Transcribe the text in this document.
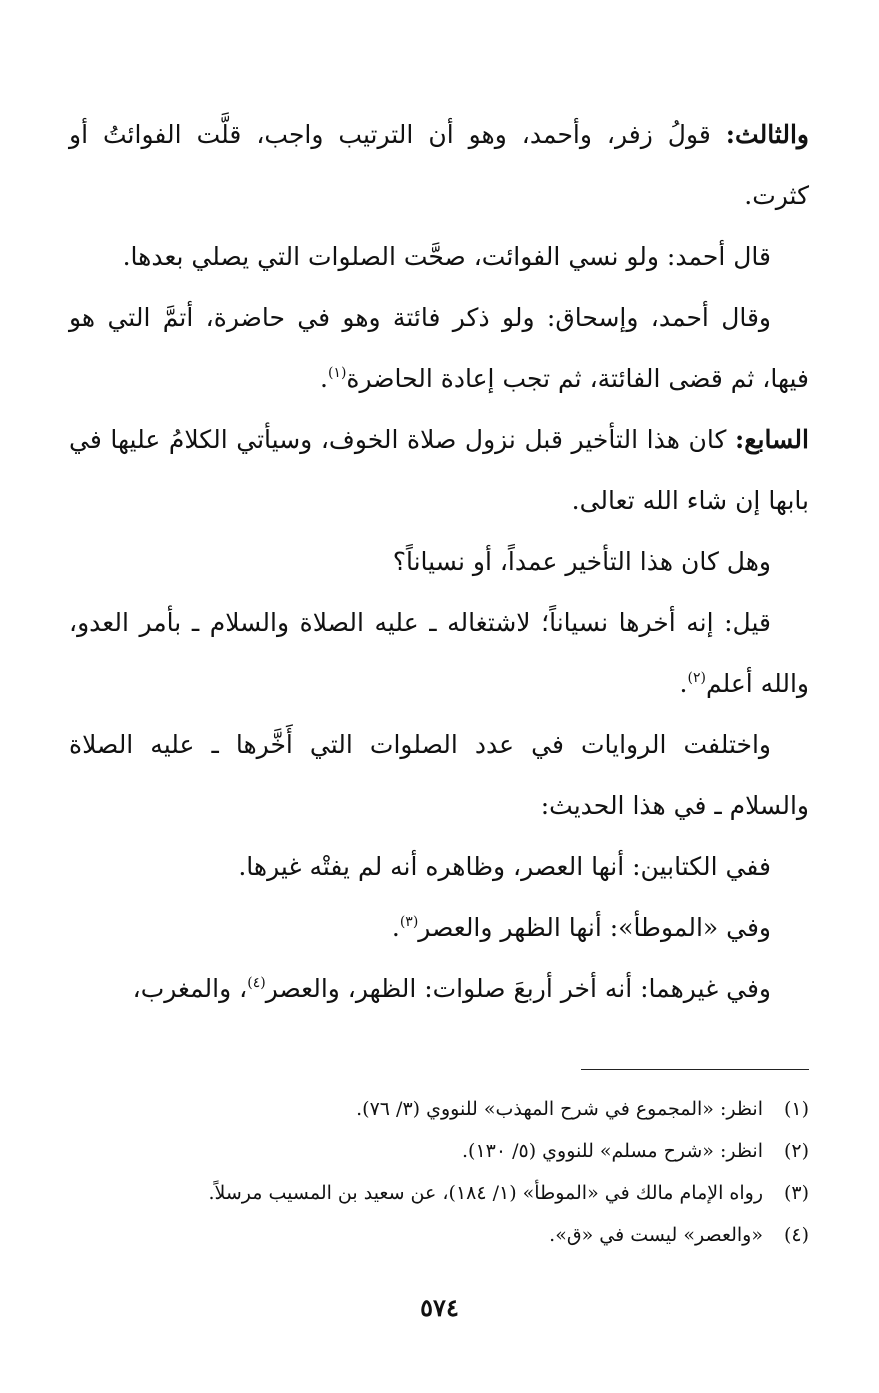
والثالث: قولُ زفر، وأحمد، وهو أن الترتيب واجب، قلَّت الفوائتُ أو كثرت.

قال أحمد: ولو نسي الفوائت، صحَّت الصلوات التي يصلي بعدها.

وقال أحمد، وإسحاق: ولو ذكر فائتة وهو في حاضرة، أتمَّ التي هو فيها، ثم قضى الفائتة، ثم تجب إعادة الحاضرة$^{(١)}$.

السابع: كان هذا التأخير قبل نزول صلاة الخوف، وسيأتي الكلامُ عليها في بابها إن شاء الله تعالى.

وهل كان هذا التأخير عمداً، أو نسياناً؟

قيل: إنه أخرها نسياناً؛ لاشتغاله ـ عليه الصلاة والسلام ـ بأمر العدو، والله أعلم$^{(٢)}$.

واختلفت الروايات في عدد الصلوات التي أَخَّرها ـ عليه الصلاة والسلام ـ في هذا الحديث:

ففي الكتابين: أنها العصر، وظاهره أنه لم يفتْه غيرها.

وفي «الموطأ»: أنها الظهر والعصر$^{(٣)}$.

وفي غيرهما: أنه أخر أربعَ صلوات: الظهر، والعصر$^{(٤)}$، والمغرب،

(١)
انظر: «المجموع في شرح المهذب» للنووي (٣/ ٧٦).
(٢)
انظر: «شرح مسلم» للنووي (٥/ ١٣٠).
(٣)
رواه الإمام مالك في «الموطأ» (١/ ١٨٤)، عن سعيد بن المسيب مرسلاً.
(٤)
«والعصر» ليست في «ق».
٥٧٤
